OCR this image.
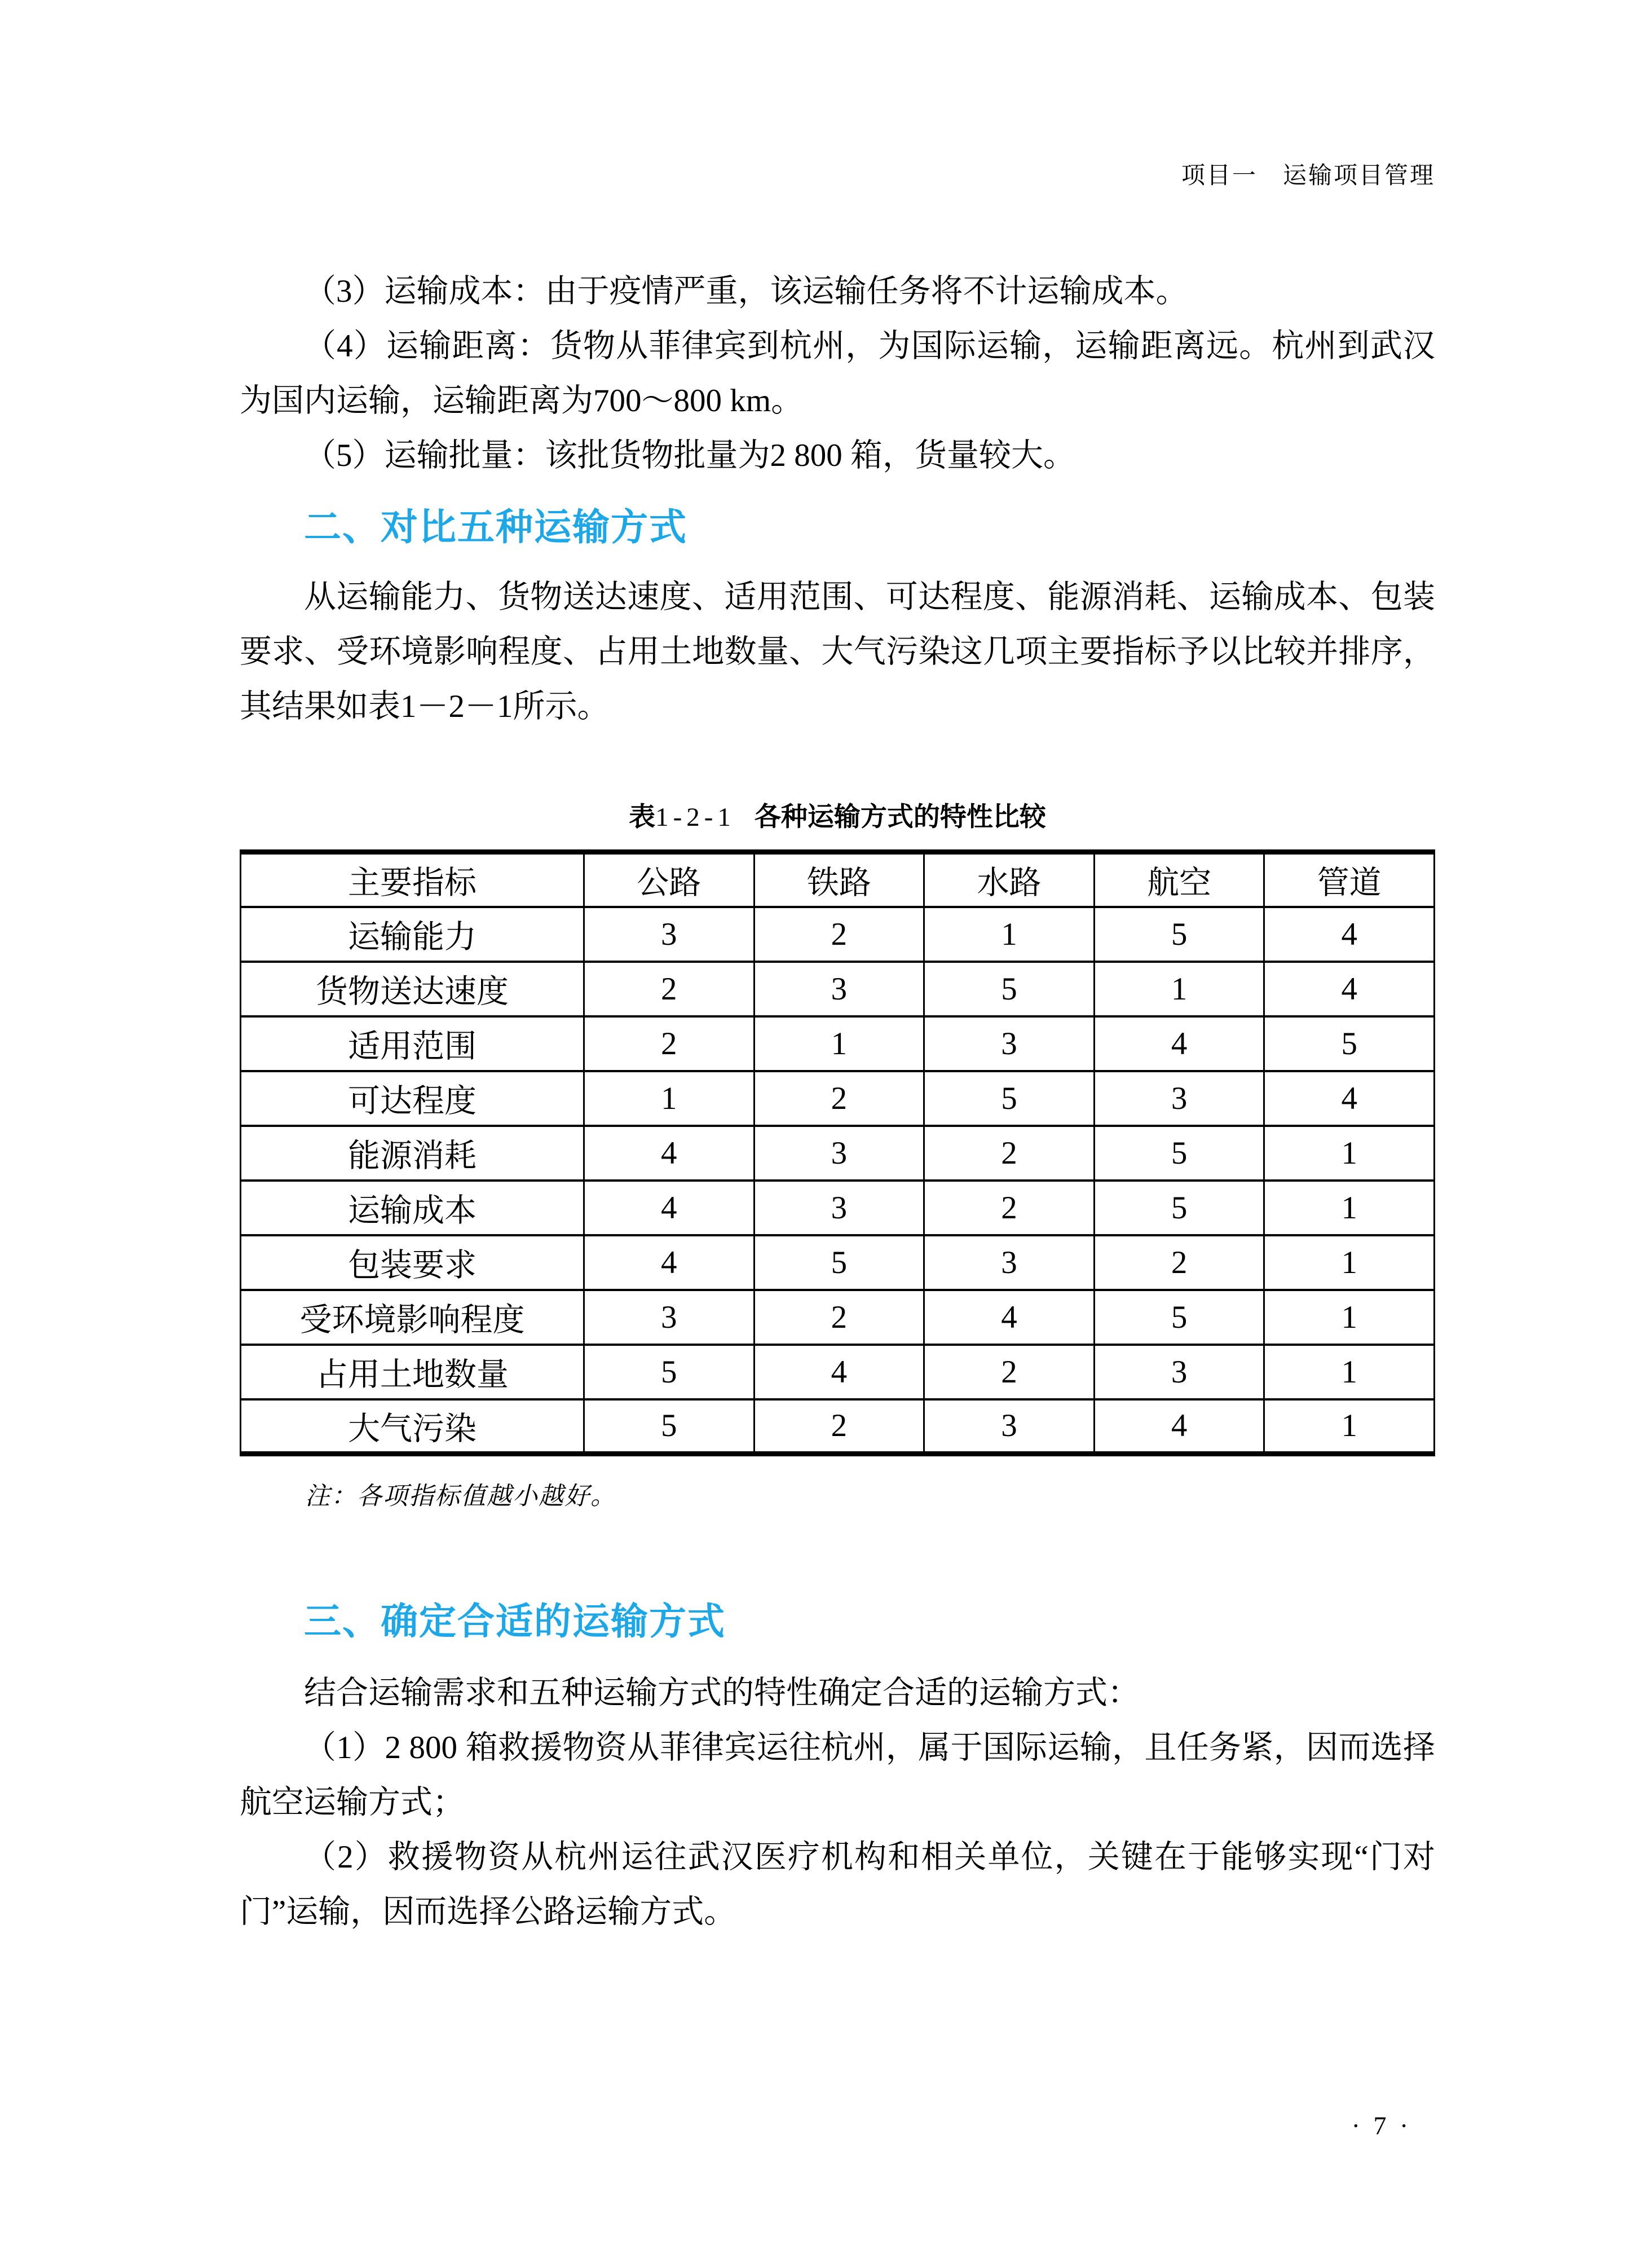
项目一　运输项目管理

（3）运输成本：由于疫情严重，该运输任务将不计运输成本。

（4）运输距离：货物从菲律宾到杭州，为国际运输，运输距离远。杭州到武汉为国内运输，运输距离为700～800 km。

（5）运输批量：该批货物批量为2 800 箱，货量较大。

二、对比五种运输方式

从运输能力、货物送达速度、适用范围、可达程度、能源消耗、运输成本、包装要求、受环境影响程度、占用土地数量、大气污染这几项主要指标予以比较并排序，其结果如表1－2－1所示。

表1-2-1 各种运输方式的特性比较
主要指标	公路	铁路	水路	航空	管道
运输能力	3	2	1	5	4
货物送达速度	2	3	5	1	4
适用范围	2	1	3	4	5
可达程度	1	2	5	3	4
能源消耗	4	3	2	5	1
运输成本	4	3	2	5	1
包装要求	4	5	3	2	1
受环境影响程度	3	2	4	5	1
占用土地数量	5	4	2	3	1
大气污染	5	2	3	4	1
注：各项指标值越小越好。
三、确定合适的运输方式

结合运输需求和五种运输方式的特性确定合适的运输方式：

（1）2 800 箱救援物资从菲律宾运往杭州，属于国际运输，且任务紧，因而选择航空运输方式；

（2）救援物资从杭州运往武汉医疗机构和相关单位，关键在于能够实现“门对门”运输，因而选择公路运输方式。

· 7 ·
